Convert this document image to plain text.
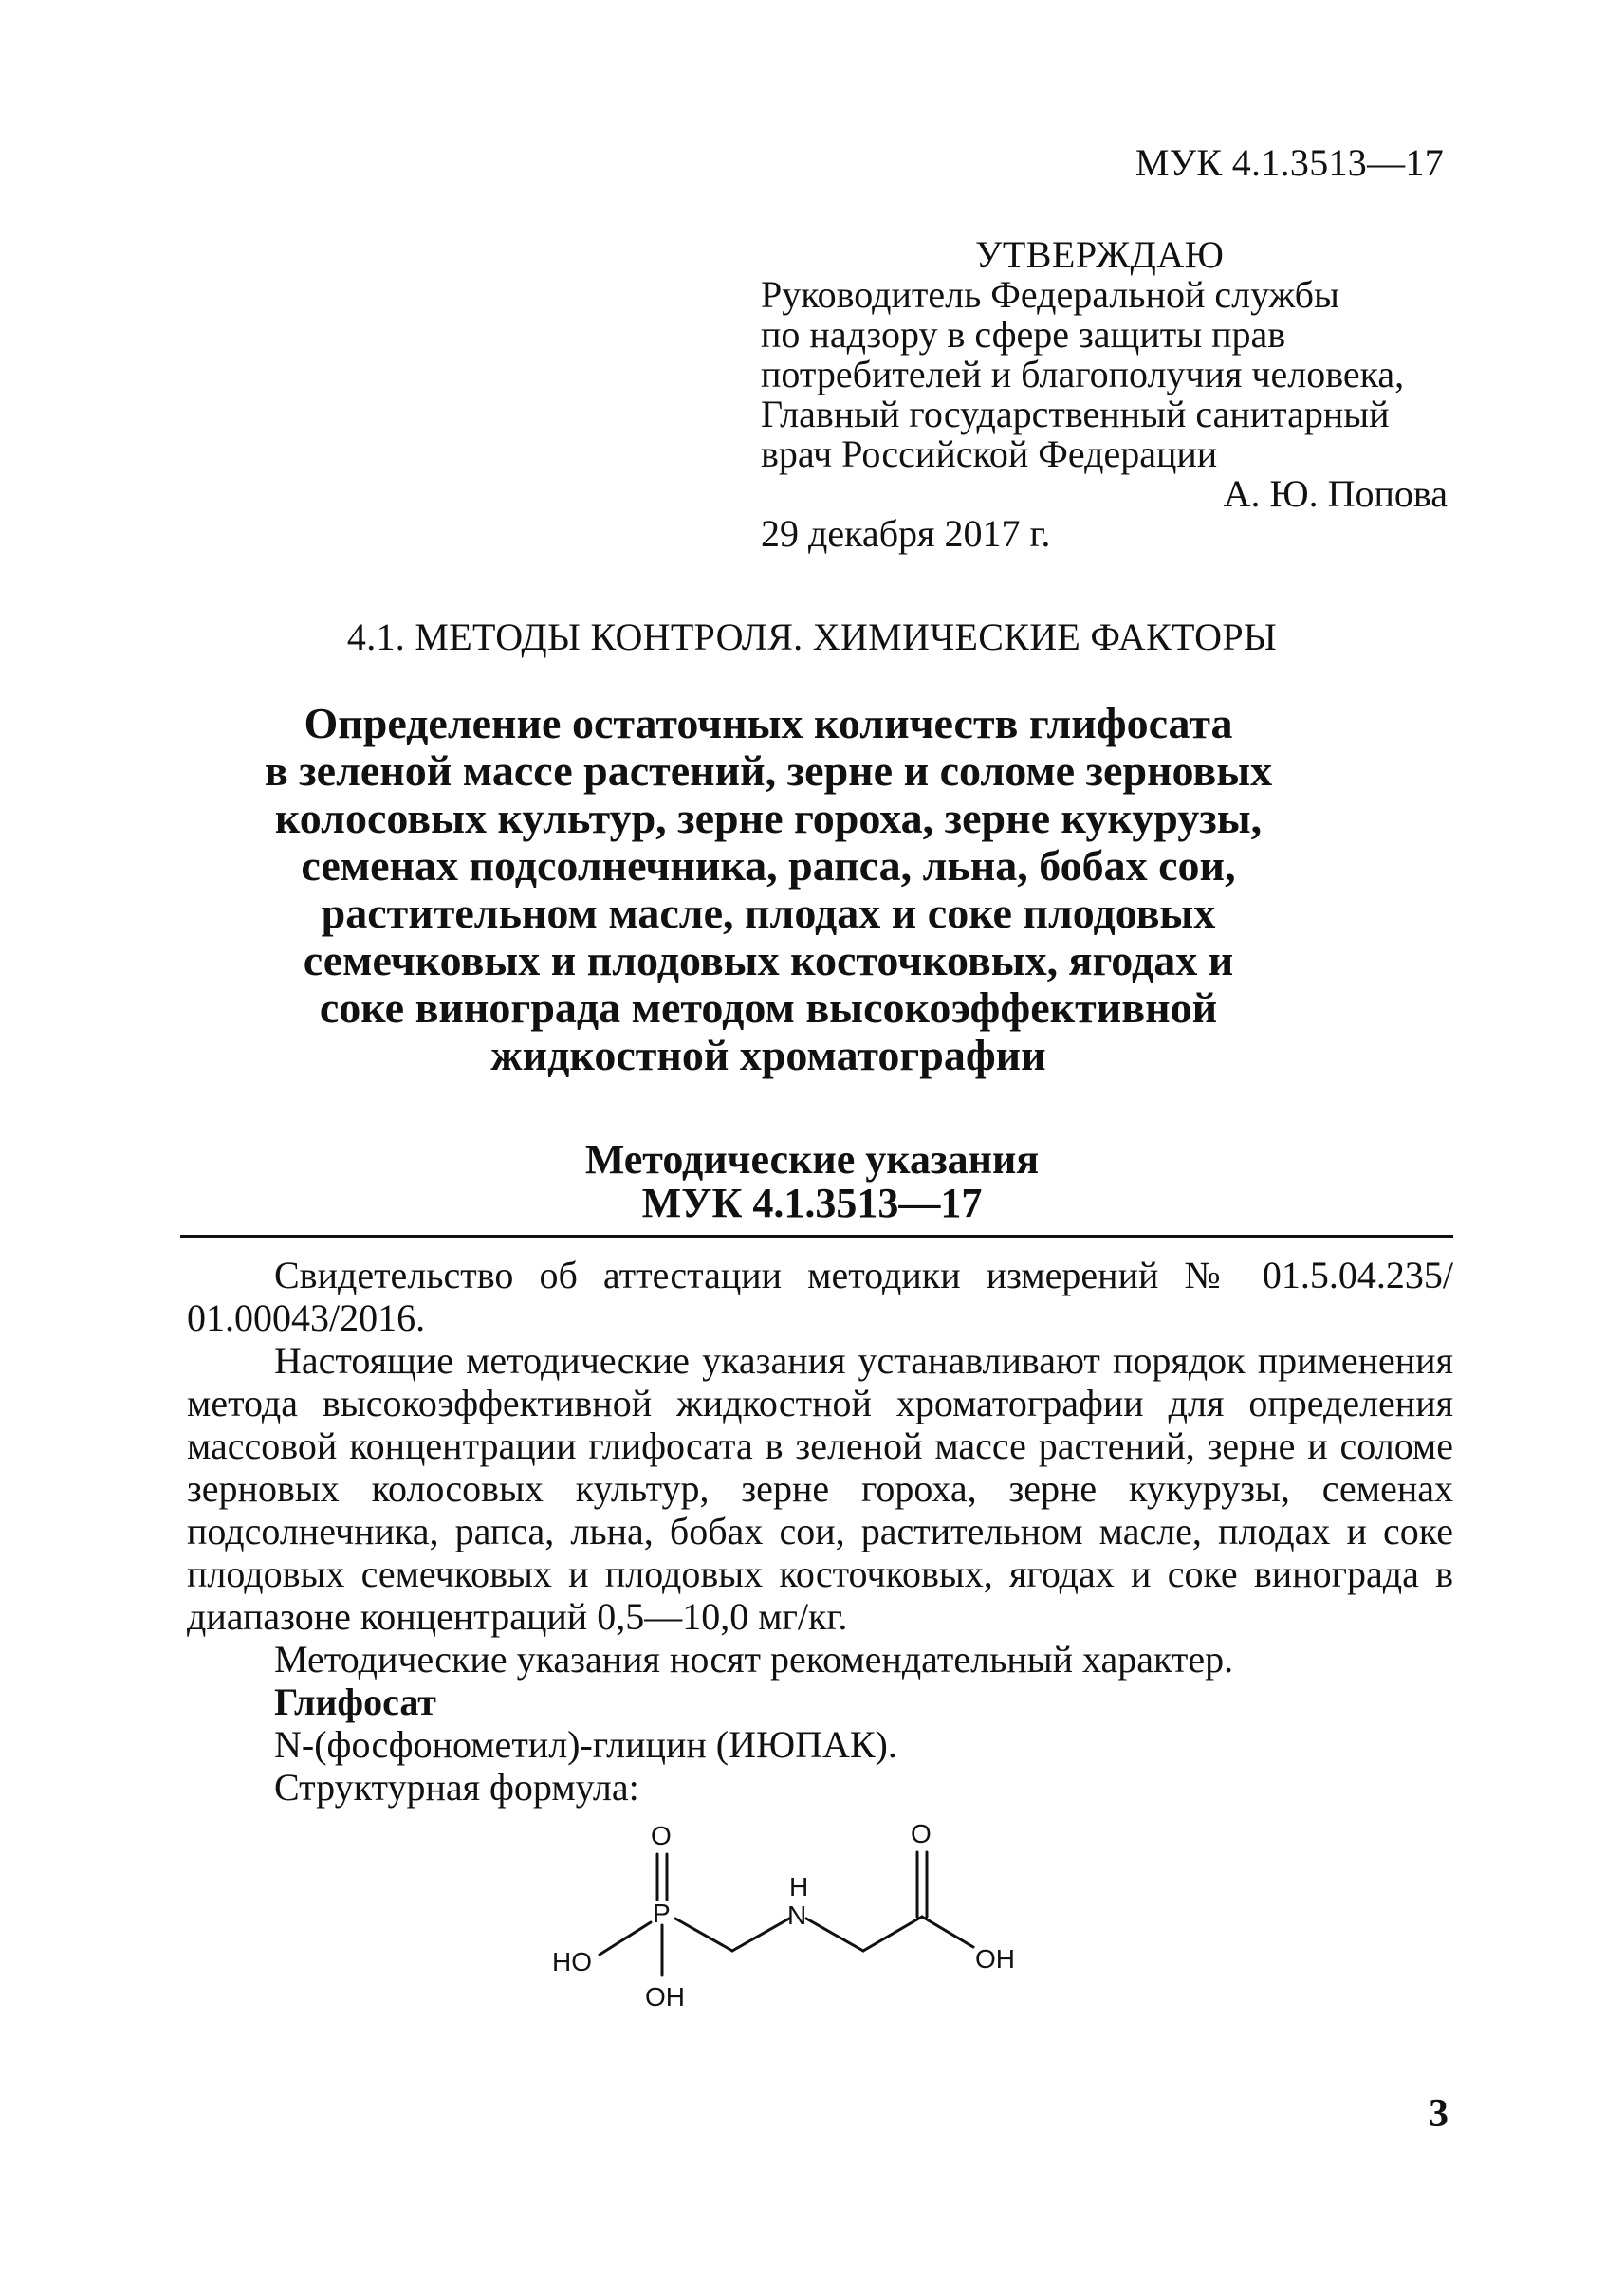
МУК 4.1.3513—17
УТВЕРЖДАЮ
Руководитель Федеральной службы
по надзору в сфере защиты прав
потребителей и благополучия человека,
Главный государственный санитарный
врач Российской Федерации
А. Ю. Попова
29 декабря 2017 г.
4.1. МЕТОДЫ КОНТРОЛЯ. ХИМИЧЕСКИЕ ФАКТОРЫ
Определение остаточных количеств глифосата
в зеленой массе растений, зерне и соломе зерновых
колосовых культур, зерне гороха, зерне кукурузы,
семенах подсолнечника, рапса, льна, бобах сои,
растительном масле, плодах и соке плодовых
семечковых и плодовых косточковых, ягодах и
соке винограда методом высокоэффективной
жидкостной хроматографии
Методические указания
МУК 4.1.3513—17

Свидетельство об аттестации методики измерений № 01.5.04.235/ 01.00043/2016.

Настоящие методические указания устанавливают порядок применения метода высокоэффективной жидкостной хроматографии для определения массовой концентрации глифосата в зеленой массе растений, зерне и соломе зерновых колосовых культур, зерне гороха, зерне кукурузы, семенах подсолнечника, рапса, льна, бобах сои, растительном масле, плодах и соке плодовых семечковых и плодовых косточковых, ягодах и соке винограда в диапазоне концентраций 0,5—10,0 мг/кг.

Методические указания носят рекомендательный характер.

Глифосат

N-(фосфонометил)-глицин (ИЮПАК).

Структурная формула:

O	O
P
H
N
HO
OH
OH
3
